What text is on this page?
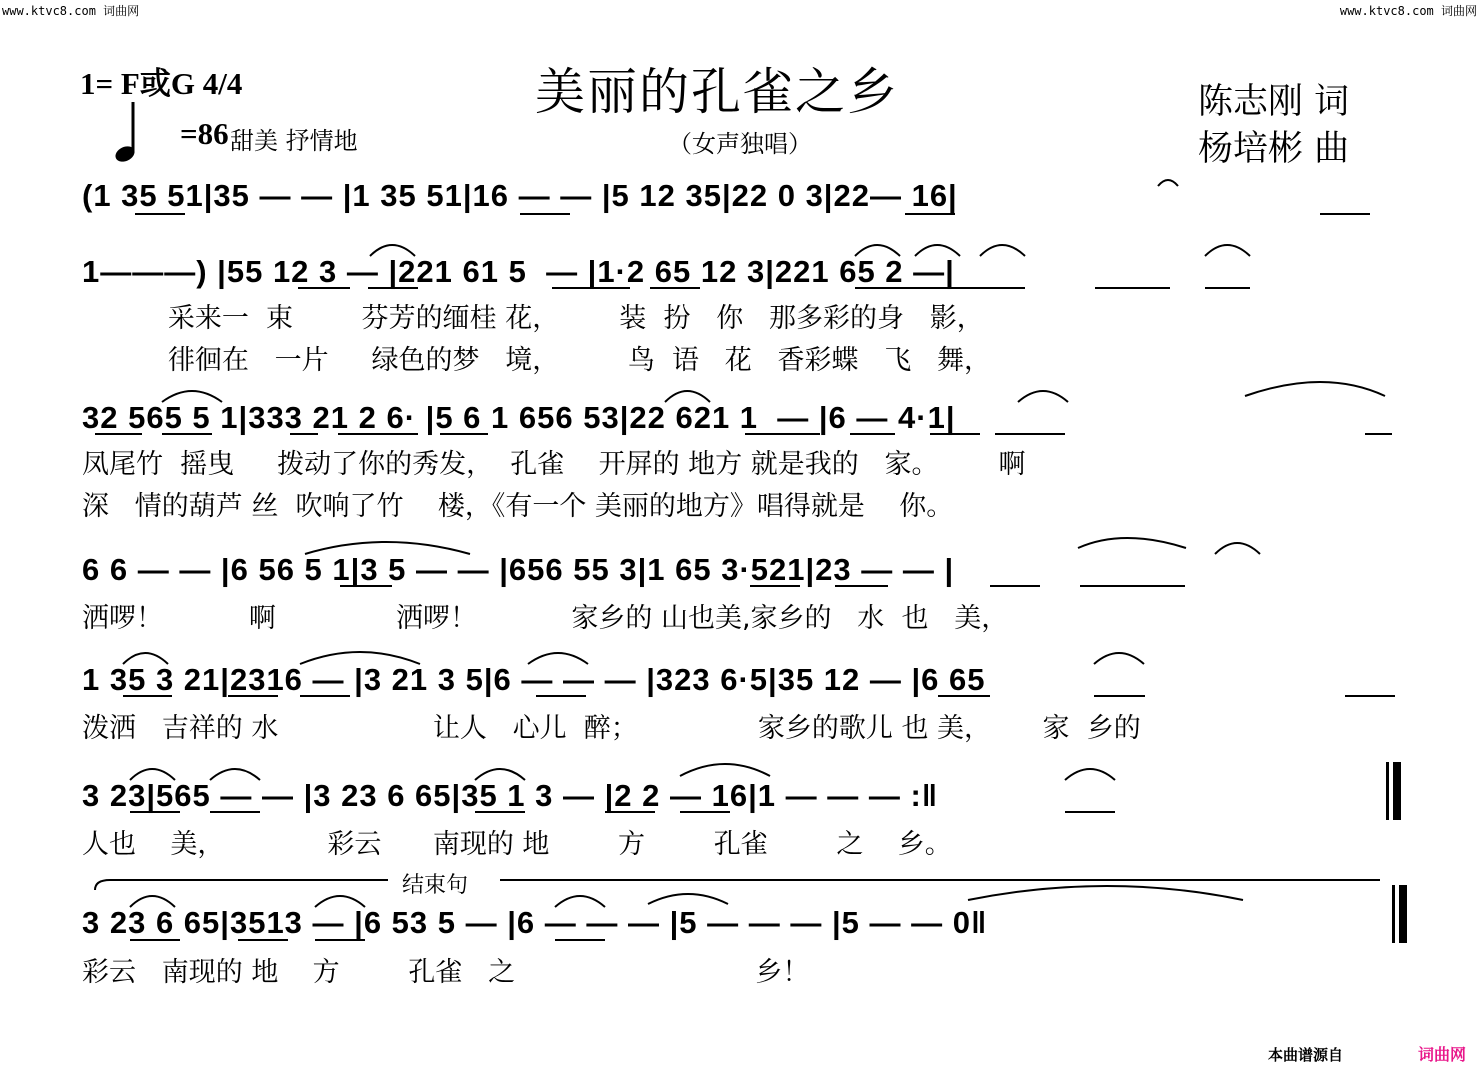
www.ktvc8.com 词曲网	www.ktvc8.com 词曲网
1= F或G 4/4
=86 甜美 抒情地
美丽的孔雀之乡
（女声独唱）
陈志刚 词
杨培彬 曲
(1 35 51|35 — — |1 35 51|16 — — |5 12 35|22 0 3|22— 16|
1———) |55 12 3 — |221 61 5  — |1·2 65 12 3|221 65 2 —|
采来一  束        芬芳的缅桂 花，       装  扮   你   那多彩的身   影，
徘徊在   一片     绿色的梦   境，        鸟  语   花   香彩蝶   飞   舞，
32 565 5 1|333 21 2 6· |5 6 1 656 53|22 621 1  — |6 — 4·1|
凤尾竹  摇曳     拨动了你的秀发，  孔雀    开屏的 地方 就是我的   家。       啊
深   情的葫芦 丝  吹响了竹    楼，《有一个 美丽的地方》唱得就是    你。
6 6 — — |6 56 5 1|3 5 — — |656 55 3|1 65 3·521|23 — — |
洒啰！          啊              洒啰！           家乡的 山也美,家乡的   水  也   美，
1 35 3 21|2316 — |3 21 3 5|6 — — — |323 6·5|35 12 — |6 65
泼洒   吉祥的 水                  让人   心儿  醉；              家乡的歌儿 也 美，      家  乡的
3 23|565 — — |3 23 6 65|35 1 3 — |2 2 — 16|1 — — — :‖
人也    美，            彩云      南现的 地        方        孔雀        之    乡。
结束句
3 23 6 65|3513 — |6 53 5 — |6 — — — |5 — — — |5 — — 0‖
彩云   南现的 地    方        孔雀   之                            乡！
本曲谱源自	词曲网
